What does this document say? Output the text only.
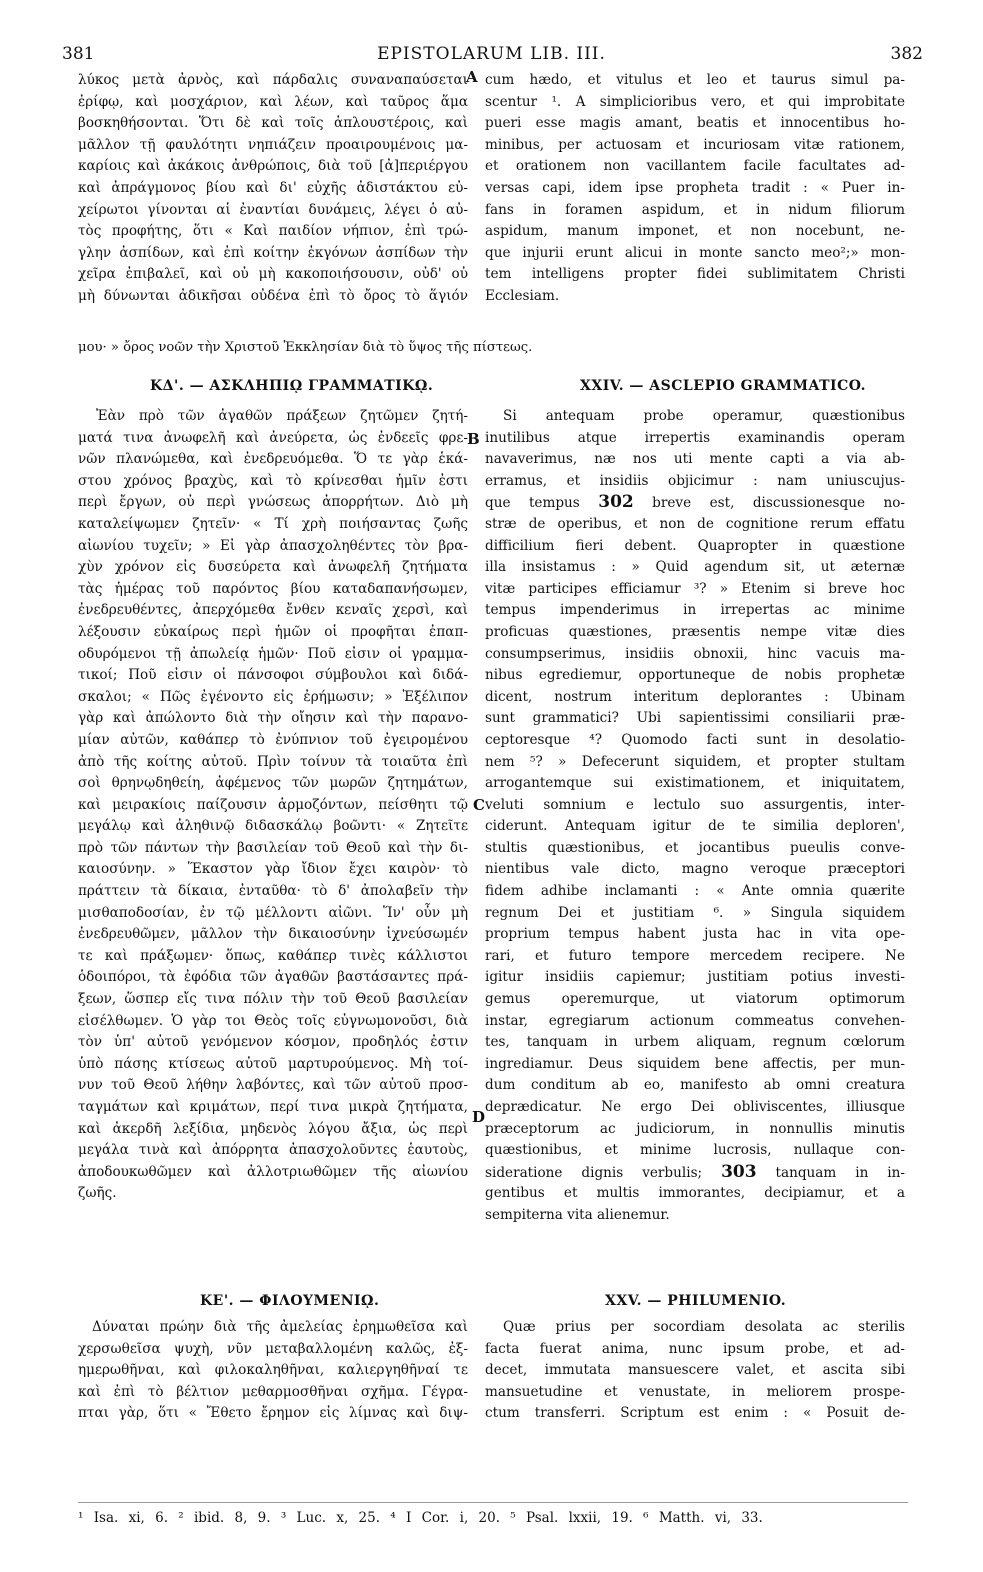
381	EPISTOLARUM LIB. III.	382
A
B
C
D
λύκος μετὰ ἀρνὸς, καὶ πάρδαλις συναναπαύσεται
ἐρίφῳ, καὶ μοσχάριον, καὶ λέων, καὶ ταῦρος ἅμα
βοσκηθήσονται. Ὅτι δὲ καὶ τοῖς ἁπλουστέροις, καὶ
μᾶλλον τῇ φαυλότητι νηπιάζειν προαιρουμένοις μα-
καρίοις καὶ ἀκάκοις ἀνθρώποις, διὰ τοῦ [ἀ]περιέργου
καὶ ἀπράγμονος βίου καὶ δι' εὐχῆς ἀδιστάκτου εὐ-
χείρωτοι γίνονται αἱ ἐναντίαι δυνάμεις, λέγει ὁ αὐ-
τὸς προφήτης, ὅτι « Καὶ παιδίον νήπιον, ἐπὶ τρώ-
γλην ἀσπίδων, καὶ ἐπὶ κοίτην ἐκγόνων ἀσπίδων τὴν
χεῖρα ἐπιβαλεῖ, καὶ οὐ μὴ κακοποιήσουσιν, οὐδ' οὐ
μὴ δύνωνται ἀδικῆσαι οὐδένα ἐπὶ τὸ ὄρος τὸ ἅγιόν
μου· » ὄρος νοῶν τὴν Χριστοῦ Ἐκκλησίαν διὰ τὸ ὕψος τῆς πίστεως.
cum hædo, et vitulus et leo et taurus simul pa-
scentur ¹. A simplicioribus vero, et qui improbitate
pueri esse magis amant, beatis et innocentibus ho-
minibus, per actuosam et incuriosam vitæ rationem,
et orationem non vacillantem facile facultates ad-
versas capi, idem ipse propheta tradit : « Puer in-
fans in foramen aspidum, et in nidum filiorum
aspidum, manum imponet, et non nocebunt, ne-
que injurii erunt alicui in monte sancto meo²;» mon-
tem intelligens propter fidei sublimitatem Christi
Ecclesiam.
ΚΔ'. — ΑΣΚΛΗΠΙῼ ΓΡΑΜΜΑΤΙΚῼ.	XXIV. — ASCLEPIO GRAMMATICO.
Ἐὰν πρὸ τῶν ἀγαθῶν πράξεων ζητῶμεν ζητή-
ματά τινα ἀνωφελῆ καὶ ἀνεύρετα, ὡς ἐνδεεῖς φρε-
νῶν πλανώμεθα, καὶ ἐνεδρευόμεθα. Ὅ τε γὰρ ἑκά-
στου χρόνος βραχὺς, καὶ τὸ κρίνεσθαι ἡμῖν ἐστι
περὶ ἔργων, οὐ περὶ γνώσεως ἀπορρήτων. Διὸ μὴ
καταλείψωμεν ζητεῖν· « Τί χρὴ ποιήσαντας ζωῆς
αἰωνίου τυχεῖν; » Εἰ γὰρ ἀπασχοληθέντες τὸν βρα-
χὺν χρόνον εἰς δυσεύρετα καὶ ἀνωφελῆ ζητήματα
τὰς ἡμέρας τοῦ παρόντος βίου καταδαπανήσωμεν,
ἐνεδρευθέντες, ἀπερχόμεθα ἔνθεν κεναῖς χερσὶ, καὶ
λέξουσιν εὐκαίρως περὶ ἡμῶν οἱ προφῆται ἐπαπ-
οδυρόμενοι τῇ ἀπωλείᾳ ἡμῶν· Ποῦ εἰσιν οἱ γραμμα-
τικοί; Ποῦ εἰσιν οἱ πάνσοφοι σύμβουλοι καὶ διδά-
σκαλοι; « Πῶς ἐγένοντο εἰς ἐρήμωσιν; » Ἐξέλιπον
γὰρ καὶ ἀπώλοντο διὰ τὴν οἴησιν καὶ τὴν παρανο-
μίαν αὐτῶν, καθάπερ τὸ ἐνύπνιον τοῦ ἐγειρομένου
ἀπὸ τῆς κοίτης αὐτοῦ. Πρὶν τοίνυν τὰ τοιαῦτα ἐπὶ
σοὶ θρηνῳδηθείη, ἀφέμενος τῶν μωρῶν ζητημάτων,
καὶ μειρακίοις παίζουσιν ἁρμοζόντων, πείσθητι τῷ
μεγάλῳ καὶ ἀληθινῷ διδασκάλῳ βοῶντι· « Ζητεῖτε
πρὸ τῶν πάντων τὴν βασιλείαν τοῦ Θεοῦ καὶ τὴν δι-
καιοσύνην. » Ἕκαστον γὰρ ἴδιον ἔχει καιρὸν· τὸ
πράττειν τὰ δίκαια, ἐνταῦθα· τὸ δ' ἀπολαβεῖν τὴν
μισθαποδοσίαν, ἐν τῷ μέλλοντι αἰῶνι. Ἵν' οὖν μὴ
ἐνεδρευθῶμεν, μᾶλλον τὴν δικαιοσύνην ἰχνεύσωμέν
τε καὶ πράξωμεν· ὅπως, καθάπερ τινὲς κάλλιστοι
ὁδοιπόροι, τὰ ἐφόδια τῶν ἀγαθῶν βαστάσαντες πρά-
ξεων, ὥσπερ εἴς τινα πόλιν τὴν τοῦ Θεοῦ βασιλείαν
εἰσέλθωμεν. Ὁ γὰρ τοι Θεὸς τοῖς εὐγνωμονοῦσι, διὰ
τὸν ὑπ' αὐτοῦ γενόμενον κόσμον, προδηλός ἐστιν
ὑπὸ πάσης κτίσεως αὐτοῦ μαρτυρούμενος. Μὴ τοί-
νυν τοῦ Θεοῦ λήθην λαβόντες, καὶ τῶν αὐτοῦ προσ-
ταγμάτων καὶ κριμάτων, περί τινα μικρὰ ζητήματα,
καὶ ἀκερδῆ λεξίδια, μηδενὸς λόγου ἄξια, ὡς περὶ
μεγάλα τινὰ καὶ ἀπόρρητα ἀπασχολοῦντες ἑαυτοὺς,
ἀποδουκωθῶμεν καὶ ἀλλοτριωθῶμεν τῆς αἰωνίου
ζωῆς.
Si antequam probe operamur, quæstionibus
inutilibus atque irrepertis examinandis operam
navaverimus, næ nos uti mente capti a via ab-
erramus, et insidiis objicimur : nam uniuscujus-
que tempus 302 breve est, discussionesque no-
stræ de operibus, et non de cognitione rerum effatu
difficilium fieri debent. Quapropter in quæstione
illa insistamus : » Quid agendum sit, ut æternæ
vitæ participes efficiamur ³? » Etenim si breve hoc
tempus impenderimus in irrepertas ac minime
proficuas quæstiones, præsentis nempe vitæ dies
consumpserimus, insidiis obnoxii, hinc vacuis ma-
nibus egrediemur, opportuneque de nobis prophetæ
dicent, nostrum interitum deplorantes : Ubinam
sunt grammatici? Ubi sapientissimi consiliarii præ-
ceptoresque ⁴? Quomodo facti sunt in desolatio-
nem ⁵? » Defecerunt siquidem, et propter stultam
arrogantemque sui existimationem, et iniquitatem,
veluti somnium e lectulo suo assurgentis, inter-
ciderunt. Antequam igitur de te similia deploren',
stultis quæstionibus, et jocantibus pueulis conve-
nientibus vale dicto, magno veroque præceptori
fidem adhibe inclamanti : « Ante omnia quærite
regnum Dei et justitiam ⁶. » Singula siquidem
proprium tempus habent justa hac in vita ope-
rari, et futuro tempore mercedem recipere. Ne
igitur insidiis capiemur; justitiam potius investi-
gemus operemurque, ut viatorum optimorum
instar, egregiarum actionum commeatus convehen-
tes, tanquam in urbem aliquam, regnum cœlorum
ingrediamur. Deus siquidem bene affectis, per mun-
dum conditum ab eo, manifesto ab omni creatura
deprædicatur. Ne ergo Dei obliviscentes, illiusque
præceptorum ac judiciorum, in nonnullis minutis
quæstionibus, et minime lucrosis, nullaque con-
sideratione dignis verbulis; 303 tanquam in in-
gentibus et multis immorantes, decipiamur, et a
sempiterna vita alienemur.
ΚΕ'. — ΦΙΛΟΥΜΕΝΙῼ.	XXV. — PHILUMENIO.
Δύναται πρώην διὰ τῆς ἀμελείας ἐρημωθεῖσα καὶ
χερσωθεῖσα ψυχὴ, νῦν μεταβαλλομένη καλῶς, ἐξ-
ημερωθῆναι, καὶ φιλοκαληθῆναι, καλιεργηθῆναί τε
καὶ ἐπὶ τὸ βέλτιον μεθαρμοσθῆναι σχῆμα. Γέγρα-
πται γὰρ, ὅτι « Ἔθετο ἔρημον εἰς λίμνας καὶ διψ-
Quæ prius per socordiam desolata ac sterilis
facta fuerat anima, nunc ipsum probe, et ad-
decet, immutata mansuescere valet, et ascita sibi
mansuetudine et venustate, in meliorem prospe-
ctum transferri. Scriptum est enim : « Posuit de-
¹ Isa. xi, 6. ² ibid. 8, 9. ³ Luc. x, 25. ⁴ I Cor. i, 20. ⁵ Psal. lxxii, 19. ⁶ Matth. vi, 33.
